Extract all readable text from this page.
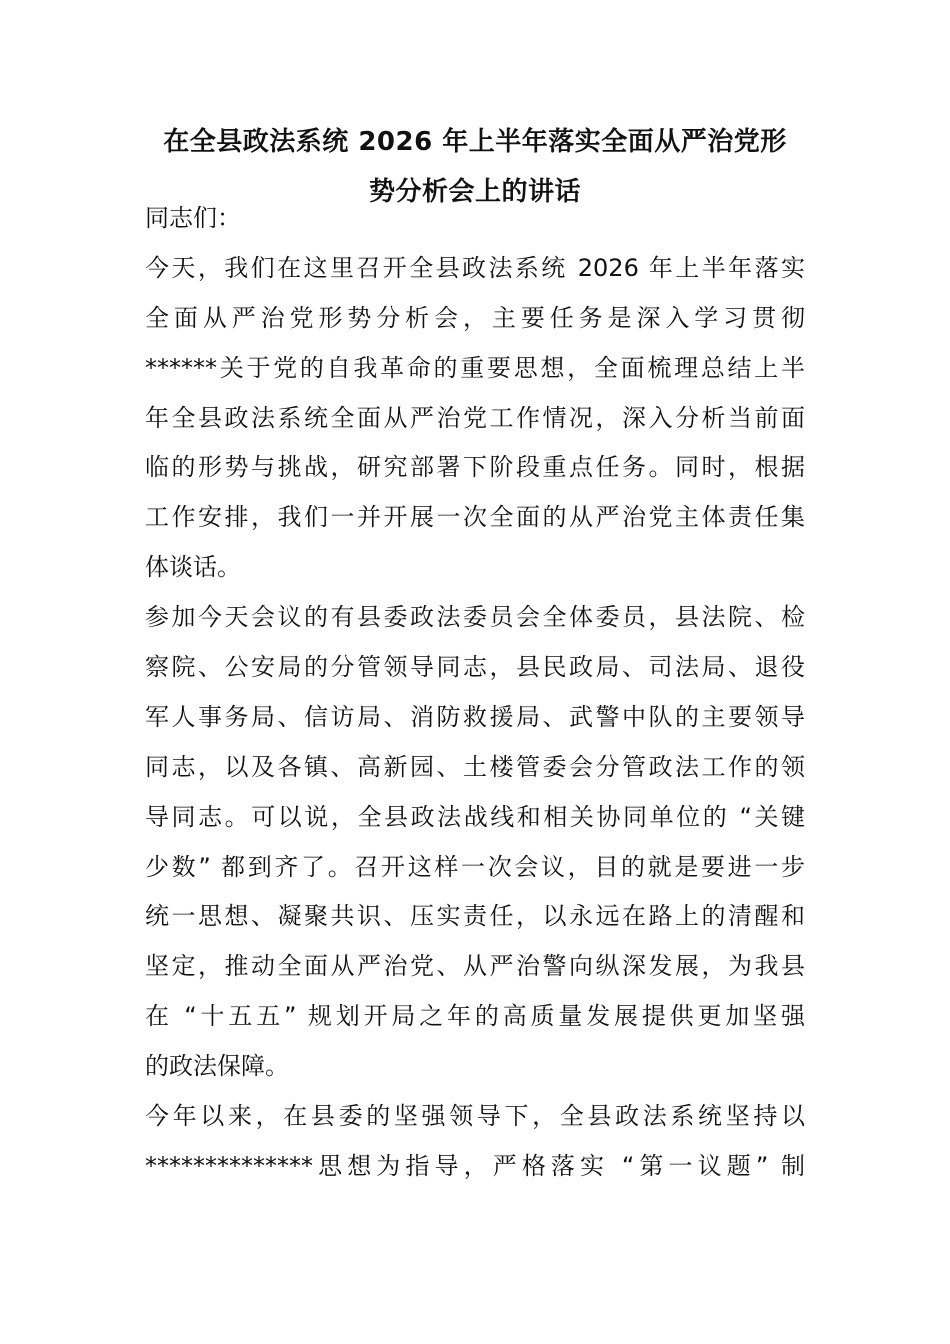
在全县政法系统 2026 年上半年落实全面从严治党形
势分析会上的讲话
同志们：
今天，我们在这里召开全县政法系统 2026 年上半年落实
全面从严治党形势分析会，主要任务是深入学习贯彻
******关于党的自我革命的重要思想，全面梳理总结上半
年全县政法系统全面从严治党工作情况，深入分析当前面
临的形势与挑战，研究部署下阶段重点任务。同时，根据
工作安排，我们一并开展一次全面的从严治党主体责任集
体谈话。
参加今天会议的有县委政法委员会全体委员，县法院、检
察院、公安局的分管领导同志，县民政局、司法局、退役
军人事务局、信访局、消防救援局、武警中队的主要领导
同志，以及各镇、高新园、土楼管委会分管政法工作的领
导同志。可以说，全县政法战线和相关协同单位的 “关键
少数” 都到齐了。召开这样一次会议，目的就是要进一步
统一思想、凝聚共识、压实责任，以永远在路上的清醒和
坚定，推动全面从严治党、从严治警向纵深发展，为我县
在 “十五五” 规划开局之年的高质量发展提供更加坚强
的政法保障。
今年以来，在县委的坚强领导下，全县政法系统坚持以
**************思想为指导，严格落实 “第一议题” 制
